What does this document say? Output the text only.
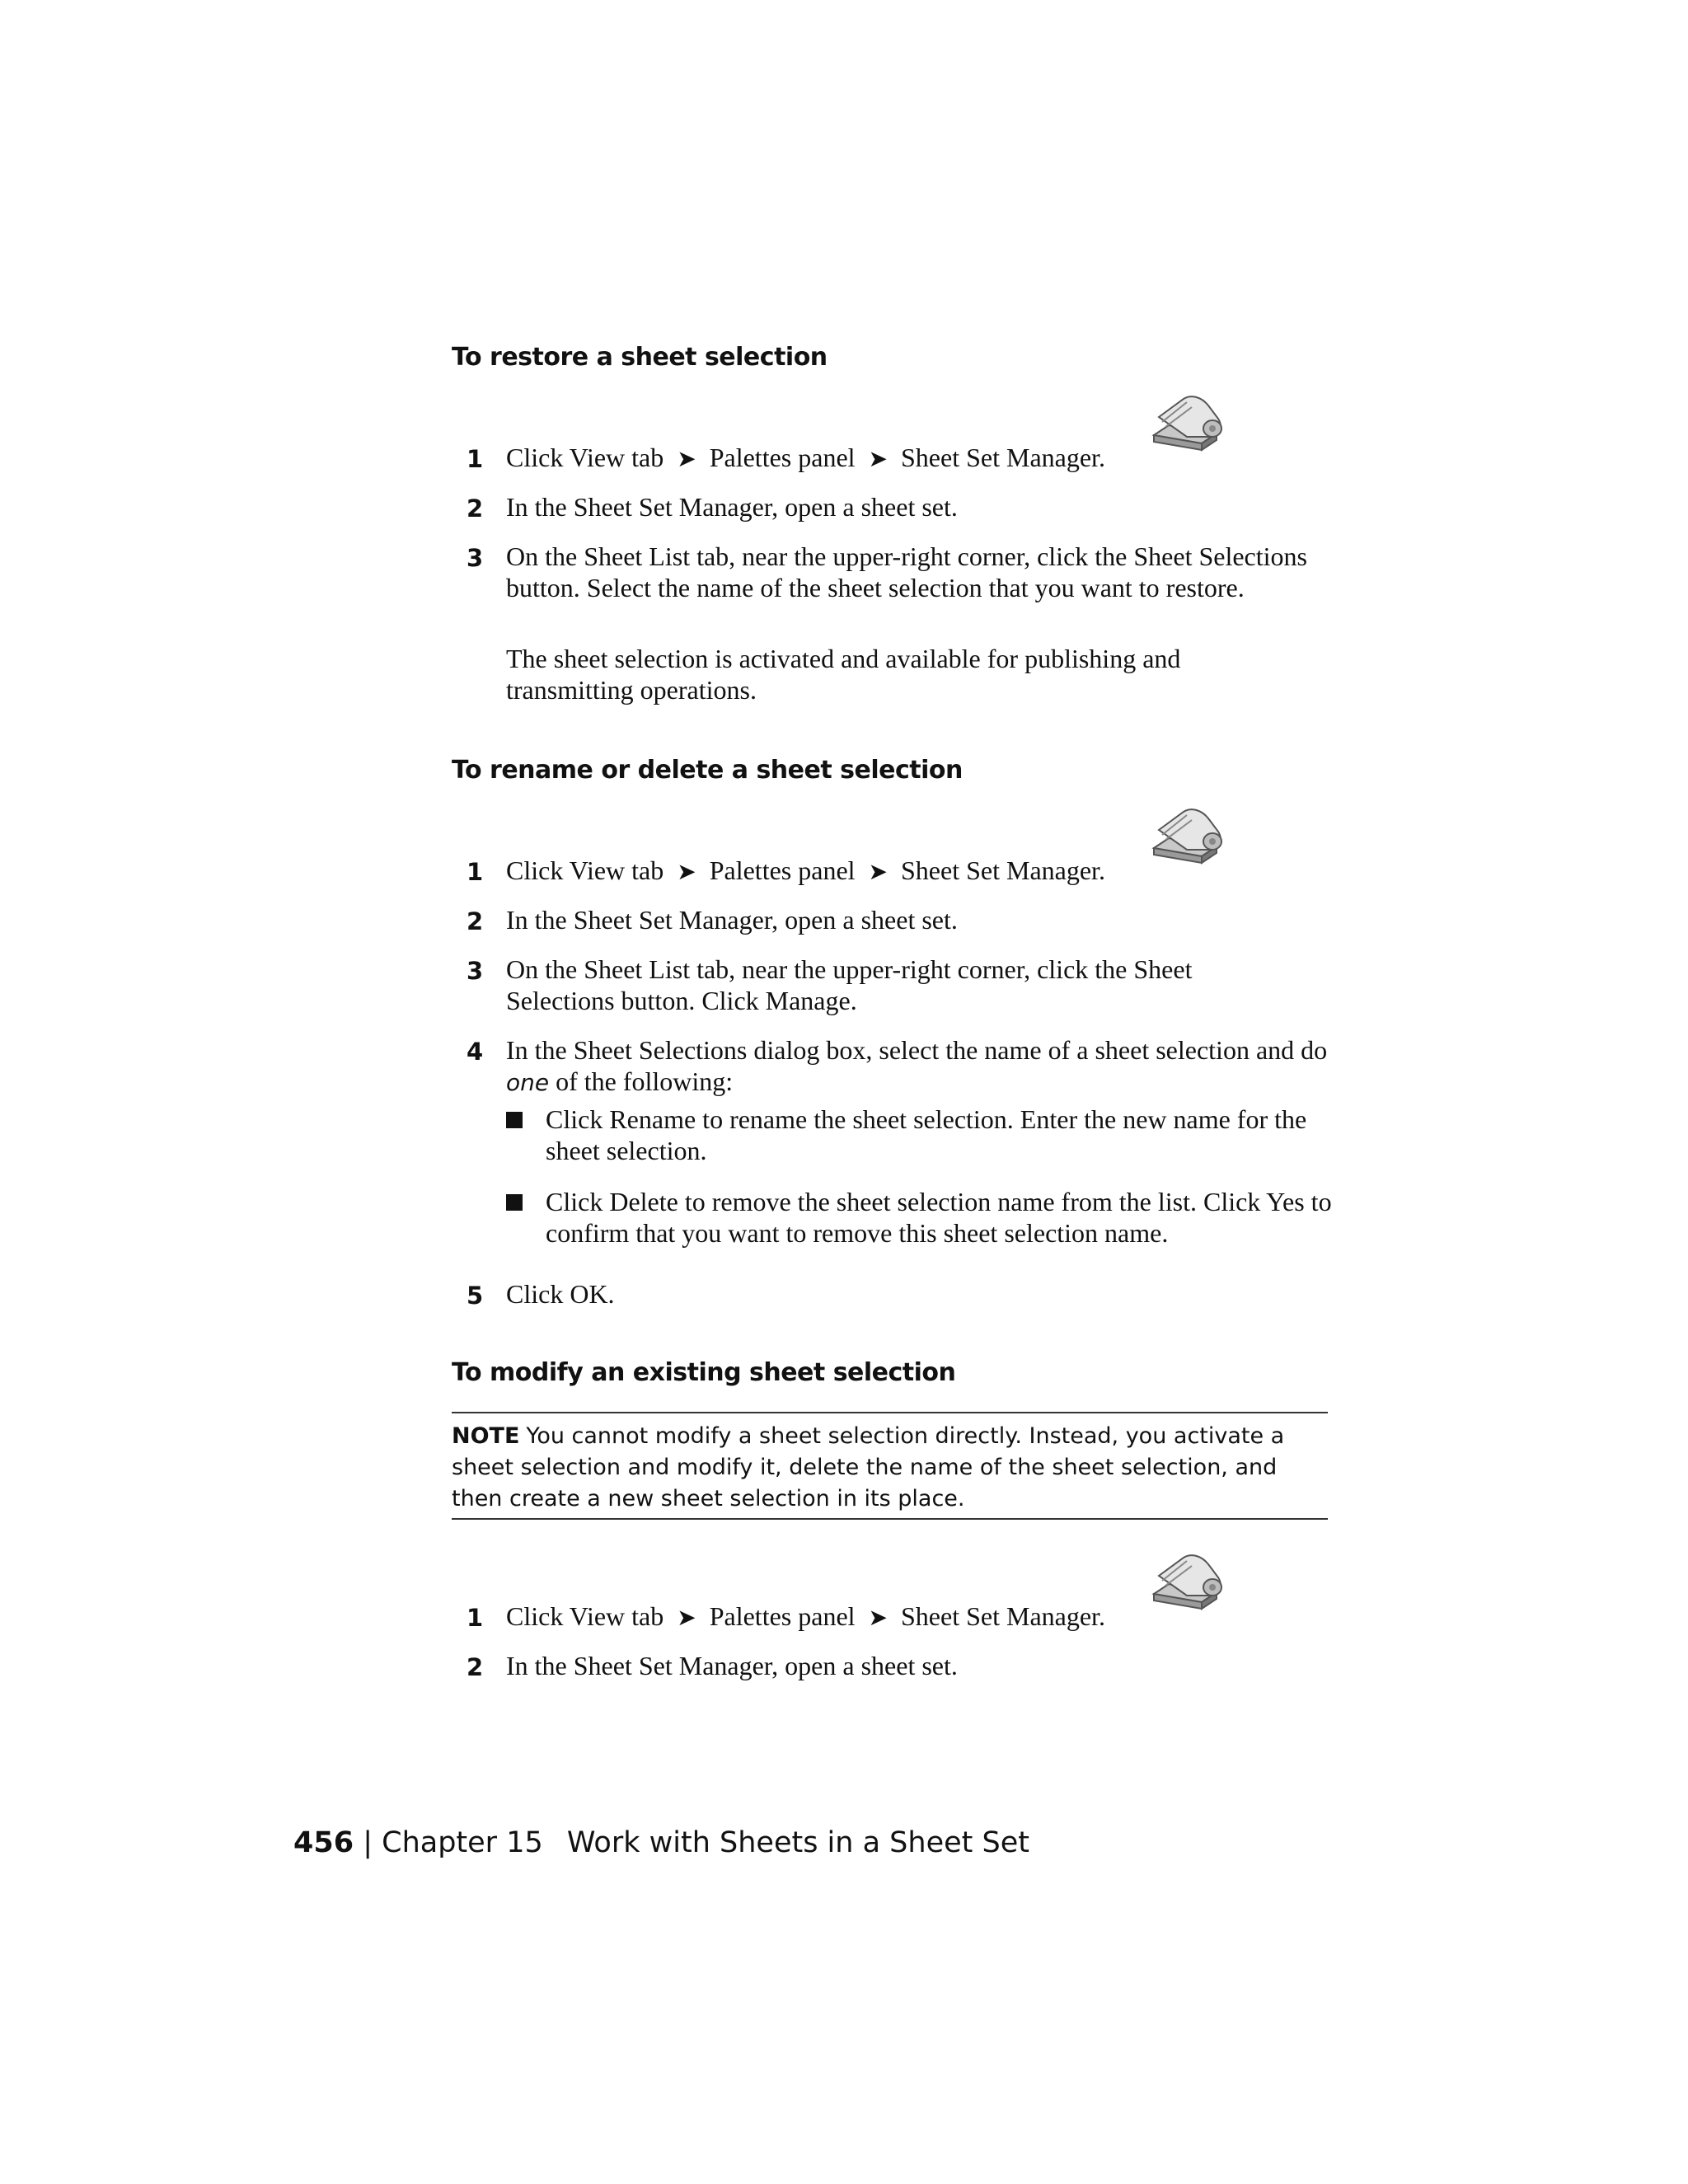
To restore a sheet selection
1 Click View tab ➤ Palettes panel ➤ Sheet Set Manager.
2 In the Sheet Set Manager, open a sheet set.
3 On the Sheet List tab, near the upper-right corner, click the Sheet Selections button. Select the name of the sheet selection that you want to restore.
The sheet selection is activated and available for publishing and transmitting operations.
To rename or delete a sheet selection
1 Click View tab ➤ Palettes panel ➤ Sheet Set Manager.
2 In the Sheet Set Manager, open a sheet set.
3 On the Sheet List tab, near the upper-right corner, click the Sheet Selections button. Click Manage.
4 In the Sheet Selections dialog box, select the name of a sheet selection and do one of the following:
Click Rename to rename the sheet selection. Enter the new name for the sheet selection.
Click Delete to remove the sheet selection name from the list. Click Yes to confirm that you want to remove this sheet selection name.
5 Click OK.
To modify an existing sheet selection
NOTE You cannot modify a sheet selection directly. Instead, you activate a sheet selection and modify it, delete the name of the sheet selection, and then create a new sheet selection in its place.
1 Click View tab ➤ Palettes panel ➤ Sheet Set Manager.
2 In the Sheet Set Manager, open a sheet set.
456 | Chapter 15 Work with Sheets in a Sheet Set
